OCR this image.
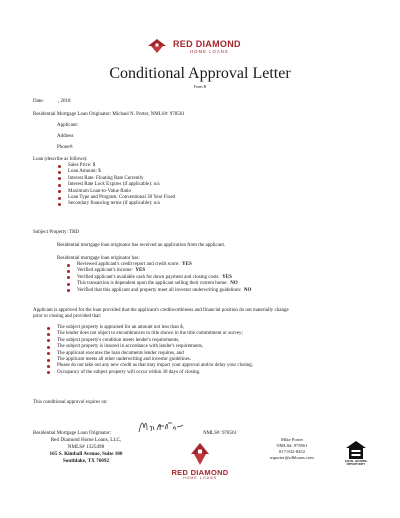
RED DIAMOND
HOME LOANS
Conditional Approval Letter
Form B
Date:	, 2018
Residential Mortgage Loan Originator: Michael N. Porter, NMLS#: 978561
Applicant:
Address
Phone#:
Loan (describe as follows):
Sales Price: $
Loan Amount: $
Interest Rate: Floating Rate Currently
Interest Rate Lock Expires (if applicable): n/a
Maximum Loan-to-Value Ratio
Loan Type and Program: Conventional 30 Year Fixed
Secondary financing terms (if applicable): n/a
Subject Property: TBD
Residential mortgage loan originator has received an application from the applicant.
Residential mortgage loan originator has:
Reviewed applicant's credit report and credit score: YES
Verified applicant's income: YES
Verified applicant's available cash for down payment and closing costs: YES
This transaction is dependent upon the applicant selling their current home: NO
Verified that this applicant and property meet all investor underwriting guidelines: NO
Applicant is approved for the loan provided that the applicant's creditworthiness and financial position do not materially change
prior to closing and provided that:
The subject property is appraised for an amount not less than $,
The lender does not object to encumbrances to title shown in the title commitment or survey;
The subject property's condition meets lender's requirements,
The subject property is insured in accordance with lender's requirements,
The applicant executes the loan documents lender requires, and
The applicant meets all other underwriting and investor guidelines.
Please do not take out any new credit as that may impact your approval and/or delay your closing.
Occupancy of the subject property will occur within 30 days of closing.
This conditional approval expires on:
Residential Mortgage Loan Originator:	NMLS#: 978561
Red Diamond Home Loans, LLC,
NMLS# 1325498
165 S. Kimball Avenue, Suite 100
Southlake, TX 76092
RED DIAMOND
HOME LOANS
Mike Porter
NMLS#: 978561
817-832-8452
mporter@rdhloans.com
EQUAL HOUSING
OPPORTUNITY
